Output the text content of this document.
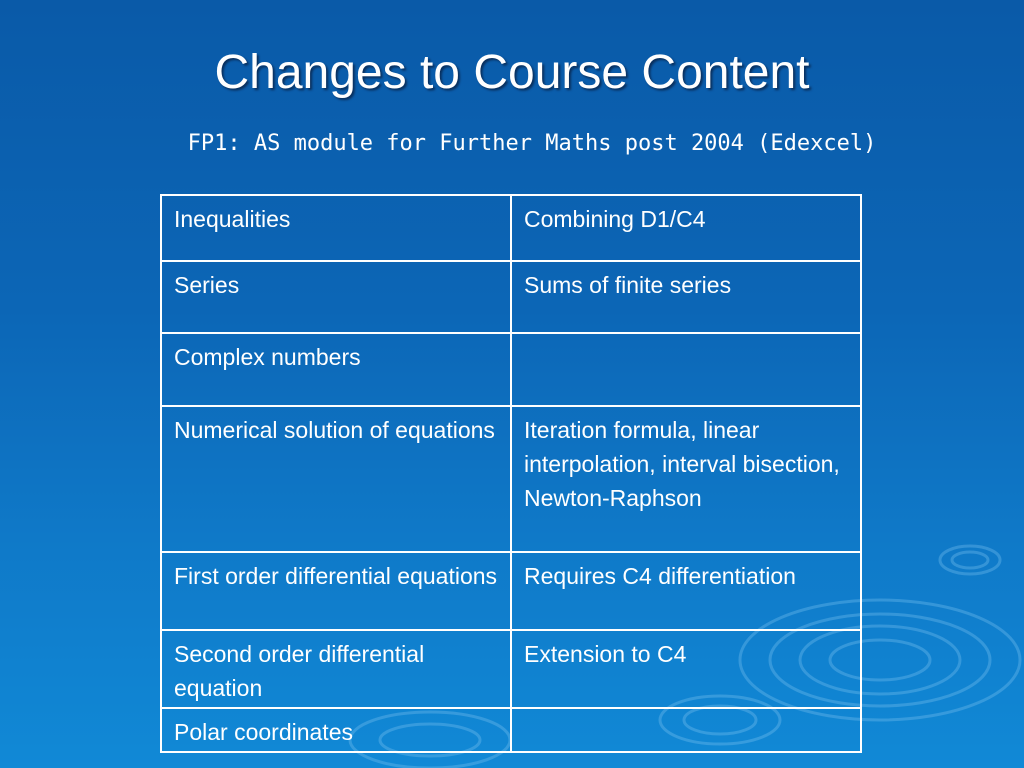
Changes to Course Content
FP1: AS module for Further Maths post 2004 (Edexcel)
Inequalities	Combining D1/C4
Series	Sums of finite series
Complex numbers	
Numerical solution of equations	Iteration formula, linear interpolation, interval bisection, Newton-Raphson
First order differential equations	Requires C4 differentiation
Second order differential equation	Extension to C4
Polar coordinates	
